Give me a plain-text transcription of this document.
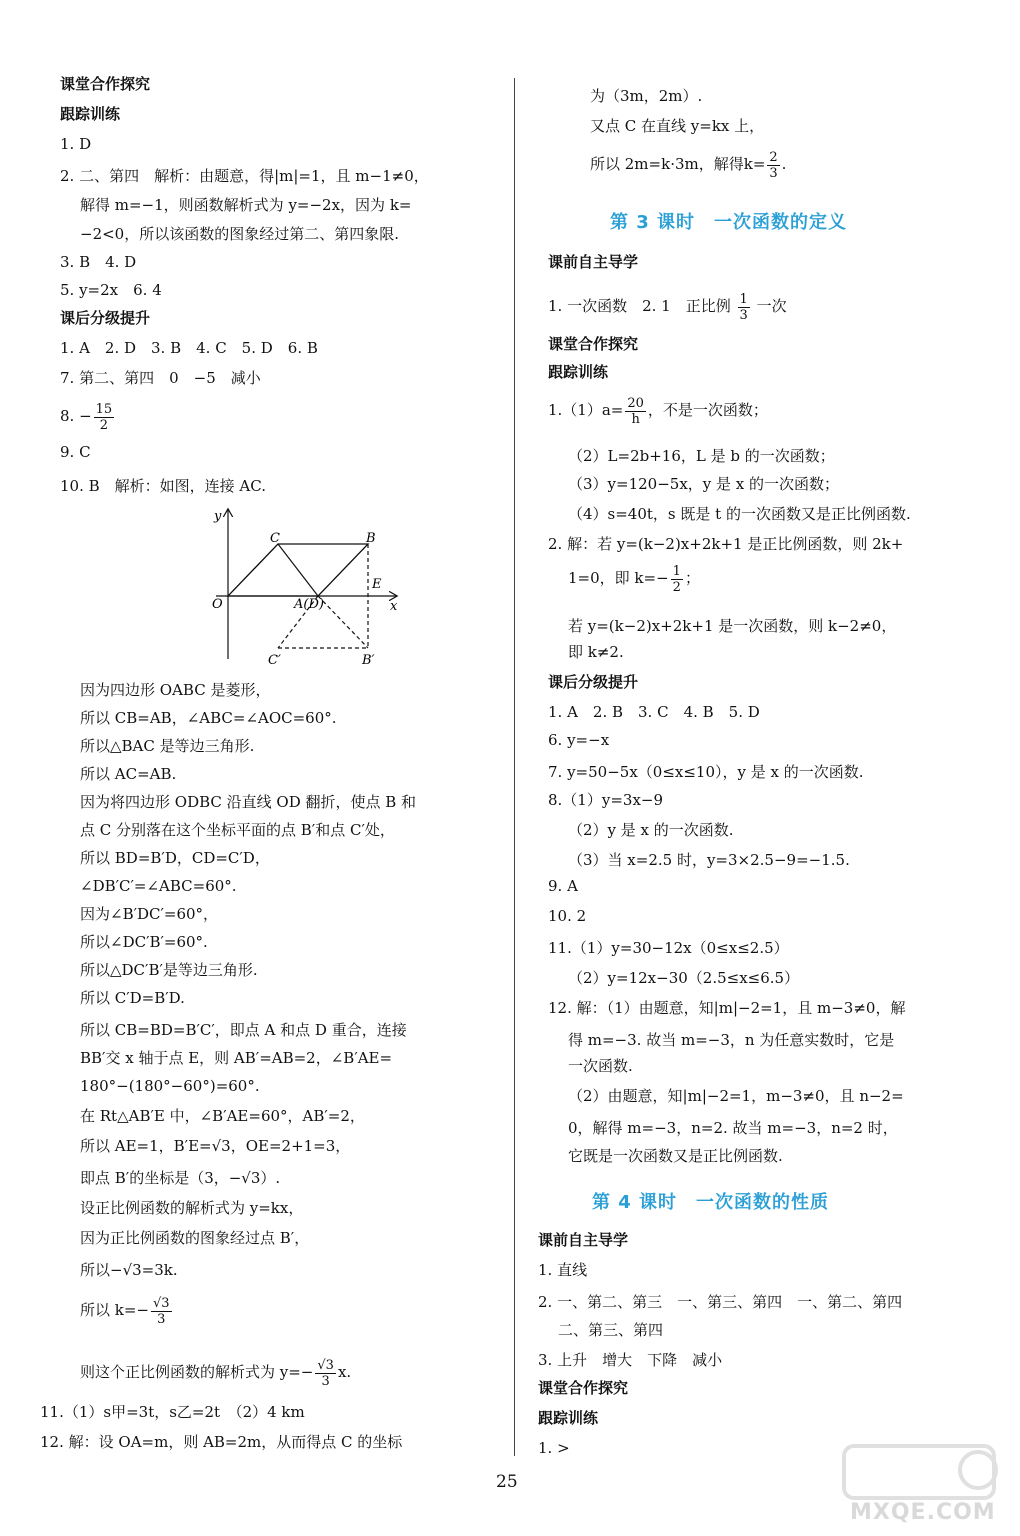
课堂合作探究
跟踪训练
1. D
2. 二、第四　解析：由题意，得|m|=1，且 m−1≠0，
解得 m=−1，则函数解析式为 y=−2x，因为 k=
−2<0，所以该函数的图象经过第二、第四象限.
3. B　4. D
5. y=2x　6. 4
课后分级提升
1. A　2. D　3. B　4. C　5. D　6. B
7. 第二、第四　0　−5　减小
8. − $\frac{15}{2}$
9. C
10. B　解析：如图，连接 AC.
y
x
O	A(D)
C	B
E
C′	B′
因为四边形 OABC 是菱形，
所以 CB=AB，∠ABC=∠AOC=60°.
所以△BAC 是等边三角形.
所以 AC=AB.
因为将四边形 ODBC 沿直线 OD 翻折，使点 B 和
点 C 分别落在这个坐标平面的点 B′和点 C′处，
所以 BD=B′D，CD=C′D，
∠DB′C′=∠ABC=60°.
因为∠B′DC′=60°，
所以∠DC′B′=60°.
所以△DC′B′是等边三角形.
所以 C′D=B′D.
所以 CB=BD=B′C′，即点 A 和点 D 重合，连接
BB′交 x 轴于点 E，则 AB′=AB=2，∠B′AE=
180°−(180°−60°)=60°.
在 Rt△AB′E 中，∠B′AE=60°，AB′=2，
所以 AE=1，B′E=√3，OE=2+1=3，
即点 B′的坐标是（3，−√3）.
设正比例函数的解析式为 y=kx，
因为正比例函数的图象经过点 B′，
所以−√3=3k.
所以 $k=- \frac{√3}{3}$
则这个正比例函数的解析式为 $y=- \frac{√3}{3} x$.
11.（1）s甲=3t，s乙=2t　（2）4 km
12. 解：设 OA=m，则 AB=2m，从而得点 C 的坐标
为（3m，2m）.
又点 C 在直线 y=kx 上，
所以 2m=k·3m，解得$k= \frac{2}{3}$ .
第 3 课时　一次函数的定义
课前自主导学
1. 一次函数　2. 1　正比例 $\frac{1}{3}$ 一次
课堂合作探究
跟踪训练
$1.(1)a= \frac{20}{h}$ ，不是一次函数；
（2）L=2b+16，L 是 b 的一次函数；
（3）y=120−5x，y 是 x 的一次函数；
（4）s=40t，s 既是 t 的一次函数又是正比例函数.
2. 解：若 y=(k−2)x+2k+1 是正比例函数，则 2k+
1=0，即 $k=- \frac{1}{2}$ ；
若 y=(k−2)x+2k+1 是一次函数，则 k−2≠0，
即 k≠2.
课后分级提升
1. A　2. B　3. C　4. B　5. D
6. y=−x
7. y=50−5x（0≤x≤10），y 是 x 的一次函数.
8.（1）y=3x−9
（2）y 是 x 的一次函数.
（3）当 x=2.5 时，y=3×2.5−9=−1.5.
9. A
10. 2
11.（1）y=30−12x（0≤x≤2.5）
（2）y=12x−30（2.5≤x≤6.5）
12. 解：（1）由题意，知|m|−2=1，且 m−3≠0，解
得 m=−3. 故当 m=−3，n 为任意实数时，它是
一次函数.
（2）由题意，知|m|−2=1，m−3≠0，且 n−2=
0，解得 m=−3，n=2. 故当 m=−3，n=2 时，
它既是一次函数又是正比例函数.
第 4 课时　一次函数的性质
课前自主导学
1. 直线
2. 一、第二、第三　一、第三、第四　一、第二、第四
二、第三、第四
3. 上升　增大　下降　减小
课堂合作探究
跟踪训练
1. >
25
MXQE.COM
